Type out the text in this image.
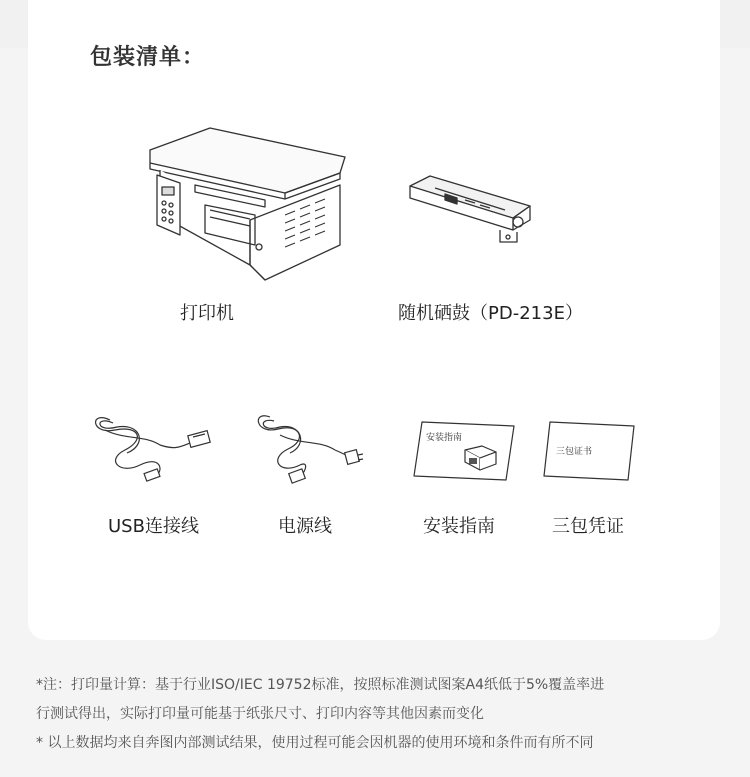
包装清单：
打印机	随机硒鼓（PD-213E）
USB连接线	电源线
安装指南
安装指南
三包证书
三包凭证
*注：打印量计算：基于行业ISO/IEC 19752标准，按照标准测试图案A4纸低于5%覆盖率进
行测试得出，实际打印量可能基于纸张尺寸、打印内容等其他因素而变化
* 以上数据均来自奔图内部测试结果，使用过程可能会因机器的使用环境和条件而有所不同
